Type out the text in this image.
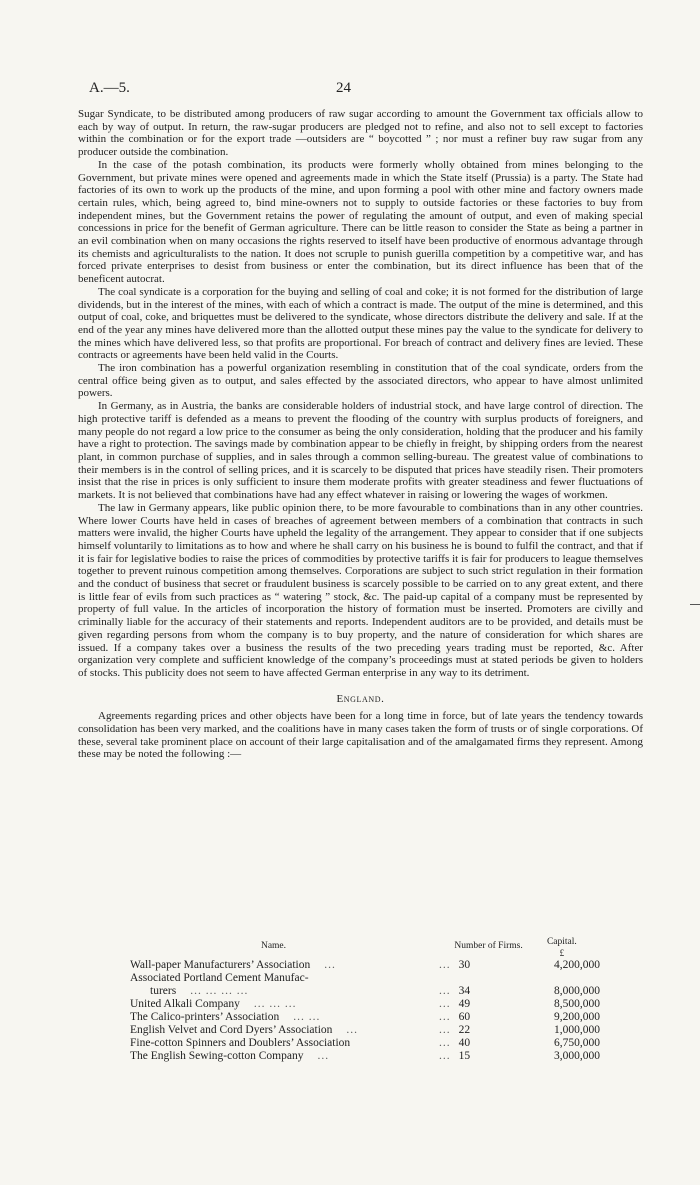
A.—5.	24

Sugar Syndicate, to be distributed among producers of raw sugar according to amount the Government tax officials allow to each by way of output. In return, the raw-sugar producers are pledged not to refine, and also not to sell except to factories within the combination or for the export trade —outsiders are “ boycotted ” ; nor must a refiner buy raw sugar from any producer outside the combination.

In the case of the potash combination, its products were formerly wholly obtained from mines belonging to the Government, but private mines were opened and agreements made in which the State itself (Prussia) is a party. The State had factories of its own to work up the products of the mine, and upon forming a pool with other mine and factory owners made certain rules, which, being agreed to, bind mine-owners not to supply to outside factories or these factories to buy from independent mines, but the Government retains the power of regulating the amount of output, and even of making special concessions in price for the benefit of German agriculture. There can be little reason to consider the State as being a partner in an evil combination when on many occasions the rights reserved to itself have been productive of enormous advantage through its chemists and agriculturalists to the nation. It does not scruple to punish guerilla competition by a competitive war, and has forced private enterprises to desist from business or enter the combination, but its direct influence has been that of the beneficent autocrat.

The coal syndicate is a corporation for the buying and selling of coal and coke; it is not formed for the distribution of large dividends, but in the interest of the mines, with each of which a contract is made. The output of the mine is determined, and this output of coal, coke, and briquettes must be delivered to the syndicate, whose directors distribute the delivery and sale. If at the end of the year any mines have delivered more than the allotted output these mines pay the value to the syndicate for delivery to the mines which have delivered less, so that profits are proportional. For breach of contract and delivery fines are levied. These contracts or agreements have been held valid in the Courts.

The iron combination has a powerful organization resembling in constitution that of the coal syndicate, orders from the central office being given as to output, and sales effected by the associated directors, who appear to have almost unlimited powers.

In Germany, as in Austria, the banks are considerable holders of industrial stock, and have large control of direction. The high protective tariff is defended as a means to prevent the flooding of the country with surplus products of foreigners, and many people do not regard a low price to the consumer as being the only consideration, holding that the producer and his family have a right to protection. The savings made by combination appear to be chiefly in freight, by shipping orders from the nearest plant, in common purchase of supplies, and in sales through a common selling-bureau. The greatest value of combinations to their members is in the control of selling prices, and it is scarcely to be disputed that prices have steadily risen. Their promoters insist that the rise in prices is only sufficient to insure them moderate profits with greater steadiness and fewer fluctuations of markets. It is not believed that combinations have had any effect whatever in raising or lowering the wages of workmen.

The law in Germany appears, like public opinion there, to be more favourable to combinations than in any other countries. Where lower Courts have held in cases of breaches of agreement between members of a combination that contracts in such matters were invalid, the higher Courts have upheld the legality of the arrangement. They appear to consider that if one subjects himself voluntarily to limitations as to how and where he shall carry on his business he is bound to fulfil the contract, and that if it is fair for legislative bodies to raise the prices of commodities by protective tariffs it is fair for producers to league themselves together to prevent ruinous competition among themselves. Corporations are subject to such strict regulation in their formation and the conduct of business that secret or fraudulent business is scarcely possible to be carried on to any great extent, and there is little fear of evils from such practices as “ watering ” stock, &c. The paid-up capital of a company must be represented by property of full value. In the articles of incorporation the history of formation must be inserted. Promoters are civilly and criminally liable for the accuracy of their statements and reports. Independent auditors are to be provided, and details must be given regarding persons from whom the company is to buy property, and the nature of consideration for which shares are issued. If a company takes over a business the results of the two preceding years trading must be reported, &c. After organization very complete and sufficient knowledge of the company’s proceedings must at stated periods be given to holders of stocks. This publicity does not seem to have affected German enterprise in any way to its detriment.

England.

Agreements regarding prices and other objects have been for a long time in force, but of late years the tendency towards consolidation has been very marked, and the coalitions have in many cases taken the form of trusts or of single corporations. Of these, several take prominent place on account of their large capitalisation and of the amalgamated firms they represent. Among these may be noted the following :—

Name.	Number of Firms.	Capital.
£

Wall-paper Manufacturers’ Association ...	... 30	4,200,000
Associated Portland Cement Manufac-		
turers ... ... ... ...	... 34	8,000,000
United Alkali Company ... ... ...	... 49	8,500,000
The Calico-printers’ Association ... ...	... 60	9,200,000
English Velvet and Cord Dyers’ Association ...	... 22	1,000,000
Fine-cotton Spinners and Doublers’ Association	... 40	6,750,000
The English Sewing-cotton Company ...	... 15	3,000,000
